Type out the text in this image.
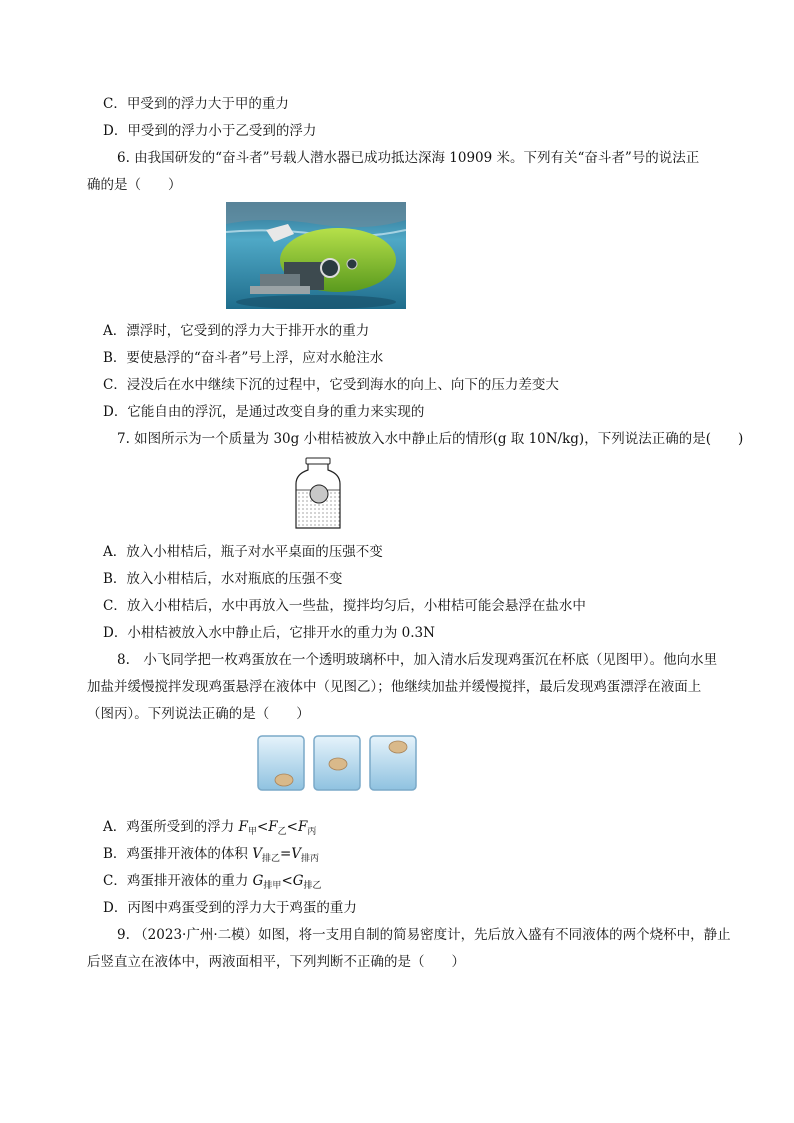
C．甲受到的浮力大于甲的重力
D．甲受到的浮力小于乙受到的浮力
6. 由我国研发的“奋斗者”号载人潜水器已成功抵达深海 10909 米。下列有关“奋斗者”号的说法正
确的是（　　）
A．漂浮时，它受到的浮力大于排开水的重力
B．要使悬浮的“奋斗者”号上浮，应对水舱注水
C．浸没后在水中继续下沉的过程中，它受到海水的向上、向下的压力差变大
D．它能自由的浮沉，是通过改变自身的重力来实现的
7. 如图所示为一个质量为 30g 小柑桔被放入水中静止后的情形(g 取 10N/kg)，下列说法正确的是(　　)
A．放入小柑桔后，瓶子对水平桌面的压强不变
B．放入小柑桔后，水对瓶底的压强不变
C．放入小柑桔后，水中再放入一些盐，搅拌均匀后，小柑桔可能会悬浮在盐水中
D．小柑桔被放入水中静止后，它排开水的重力为 0.3N
8.　小飞同学把一枚鸡蛋放在一个透明玻璃杯中，加入清水后发现鸡蛋沉在杯底（见图甲）。他向水里
加盐并缓慢搅拌发现鸡蛋悬浮在液体中（见图乙）；他继续加盐并缓慢搅拌，最后发现鸡蛋漂浮在液面上
（图丙）。下列说法正确的是（　　）
A．鸡蛋所受到的浮力 $F_甲<F_乙<F_丙$
B．鸡蛋排开液体的体积 $V_{排乙}=V_{排丙}$
C．鸡蛋排开液体的重力 $G_{排甲}<G_{排乙}$
D．丙图中鸡蛋受到的浮力大于鸡蛋的重力
9. （2023·广州·二模）如图，将一支用自制的简易密度计，先后放入盛有不同液体的两个烧杯中，静止
后竖直立在液体中，两液面相平，下列判断不正确的是（　　）
